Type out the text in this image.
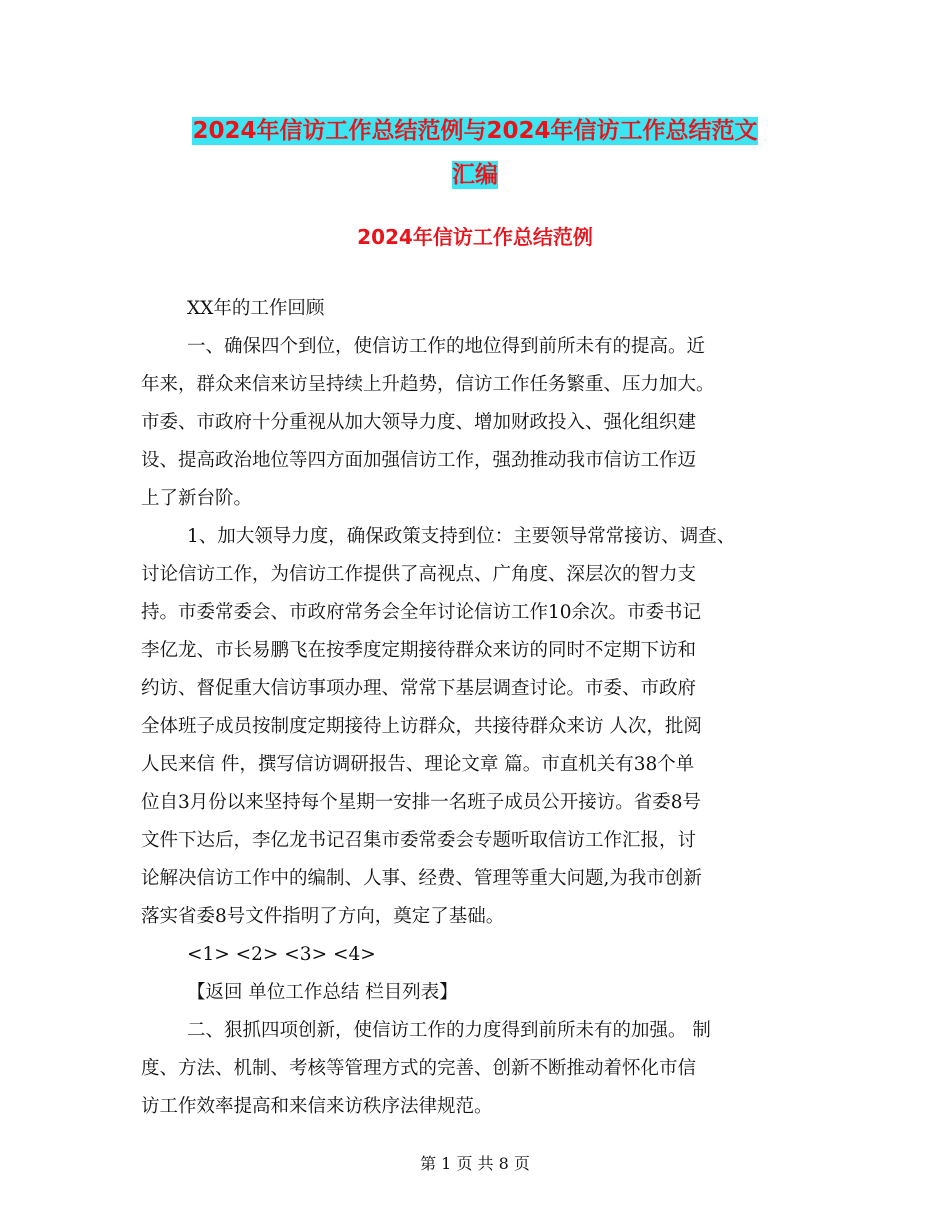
2024年信访工作总结范例与2024年信访工作总结范文
汇编
2024年信访工作总结范例
XX年的工作回顾
一、确保四个到位，使信访工作的地位得到前所未有的提高。近
年来，群众来信来访呈持续上升趋势，信访工作任务繁重、压力加大。
市委、市政府十分重视从加大领导力度、增加财政投入、强化组织建
设、提高政治地位等四方面加强信访工作，强劲推动我市信访工作迈
上了新台阶。
1、加大领导力度，确保政策支持到位：主要领导常常接访、调查、
讨论信访工作，为信访工作提供了高视点、广角度、深层次的智力支
持。市委常委会、市政府常务会全年讨论信访工作10余次。市委书记
李亿龙、市长易鹏飞在按季度定期接待群众来访的同时不定期下访和
约访、督促重大信访事项办理、常常下基层调查讨论。市委、市政府
全体班子成员按制度定期接待上访群众，共接待群众来访 人次，批阅
人民来信 件，撰写信访调研报告、理论文章 篇。市直机关有38个单
位自3月份以来坚持每个星期一安排一名班子成员公开接访。省委8号
文件下达后，李亿龙书记召集市委常委会专题听取信访工作汇报，讨
论解决信访工作中的编制、人事、经费、管理等重大问题,为我市创新
落实省委8号文件指明了方向，奠定了基础。
<1> <2> <3> <4>
【返回 单位工作总结 栏目列表】
二、狠抓四项创新，使信访工作的力度得到前所未有的加强。 制
度、方法、机制、考核等管理方式的完善、创新不断推动着怀化市信
访工作效率提高和来信来访秩序法律规范。
第 1 页 共 8 页
